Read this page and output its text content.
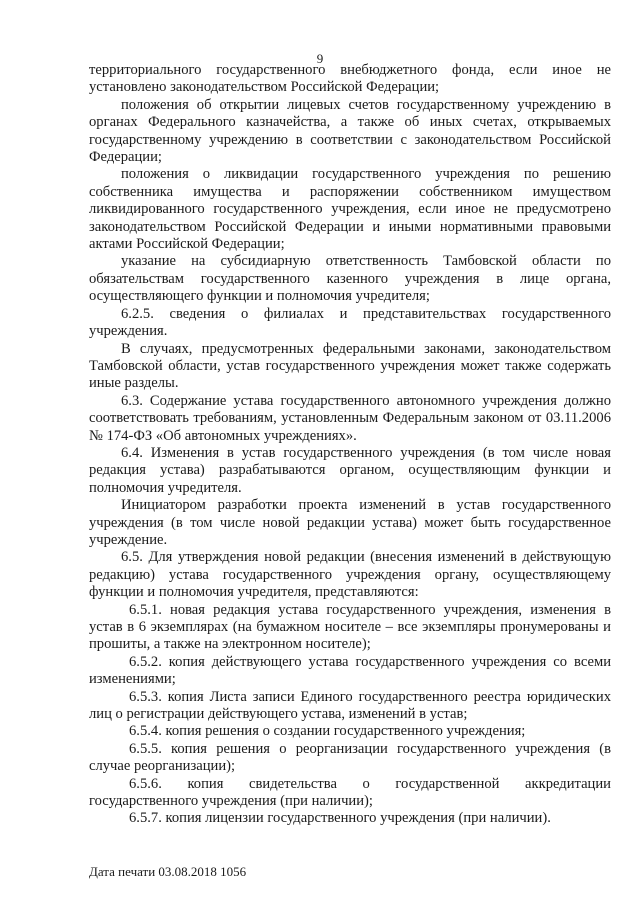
9

территориального государственного внебюджетного фонда, если иное не установлено законодательством Российской Федерации;

положения об открытии лицевых счетов государственному учреждению в органах Федерального казначейства, а также об иных счетах, открываемых государственному учреждению в соответствии с законодательством Российской Федерации;

положения о ликвидации государственного учреждения по решению собственника имущества и распоряжении собственником имуществом ликвидированного государственного учреждения, если иное не предусмотрено законодательством Российской Федерации и иными нормативными правовыми актами Российской Федерации;

указание на субсидиарную ответственность Тамбовской области по обязательствам государственного казенного учреждения в лице органа, осуществляющего функции и полномочия учредителя;

6.2.5. сведения о филиалах и представительствах государственного учреждения.

В случаях, предусмотренных федеральными законами, законодательством Тамбовской области, устав государственного учреждения может также содержать иные разделы.

6.3. Содержание устава государственного автономного учреждения должно соответствовать требованиям, установленным Федеральным законом от 03.11.2006 № 174-ФЗ «Об автономных учреждениях».

6.4. Изменения в устав государственного учреждения (в том числе новая редакция устава) разрабатываются органом, осуществляющим функции и полномочия учредителя.

Инициатором разработки проекта изменений в устав государственного учреждения (в том числе новой редакции устава) может быть государственное учреждение.

6.5. Для утверждения новой редакции (внесения изменений в действующую редакцию) устава государственного учреждения органу, осуществляющему функции и полномочия учредителя, представляются:

6.5.1. новая редакция устава государственного учреждения, изменения в устав в 6 экземплярах (на бумажном носителе – все экземпляры пронумерованы и прошиты, а также на электронном носителе);

6.5.2. копия действующего устава государственного учреждения со всеми изменениями;

6.5.3. копия Листа записи Единого государственного реестра юридических лиц о регистрации действующего устава, изменений в устав;

6.5.4. копия решения о создании государственного учреждения;

6.5.5. копия решения о реорганизации государственного учреждения (в случае реорганизации);

6.5.6. копия свидетельства о государственной аккредитации государственного учреждения (при наличии);

6.5.7. копия лицензии государственного учреждения (при наличии).

Дата печати 03.08.2018 1056
